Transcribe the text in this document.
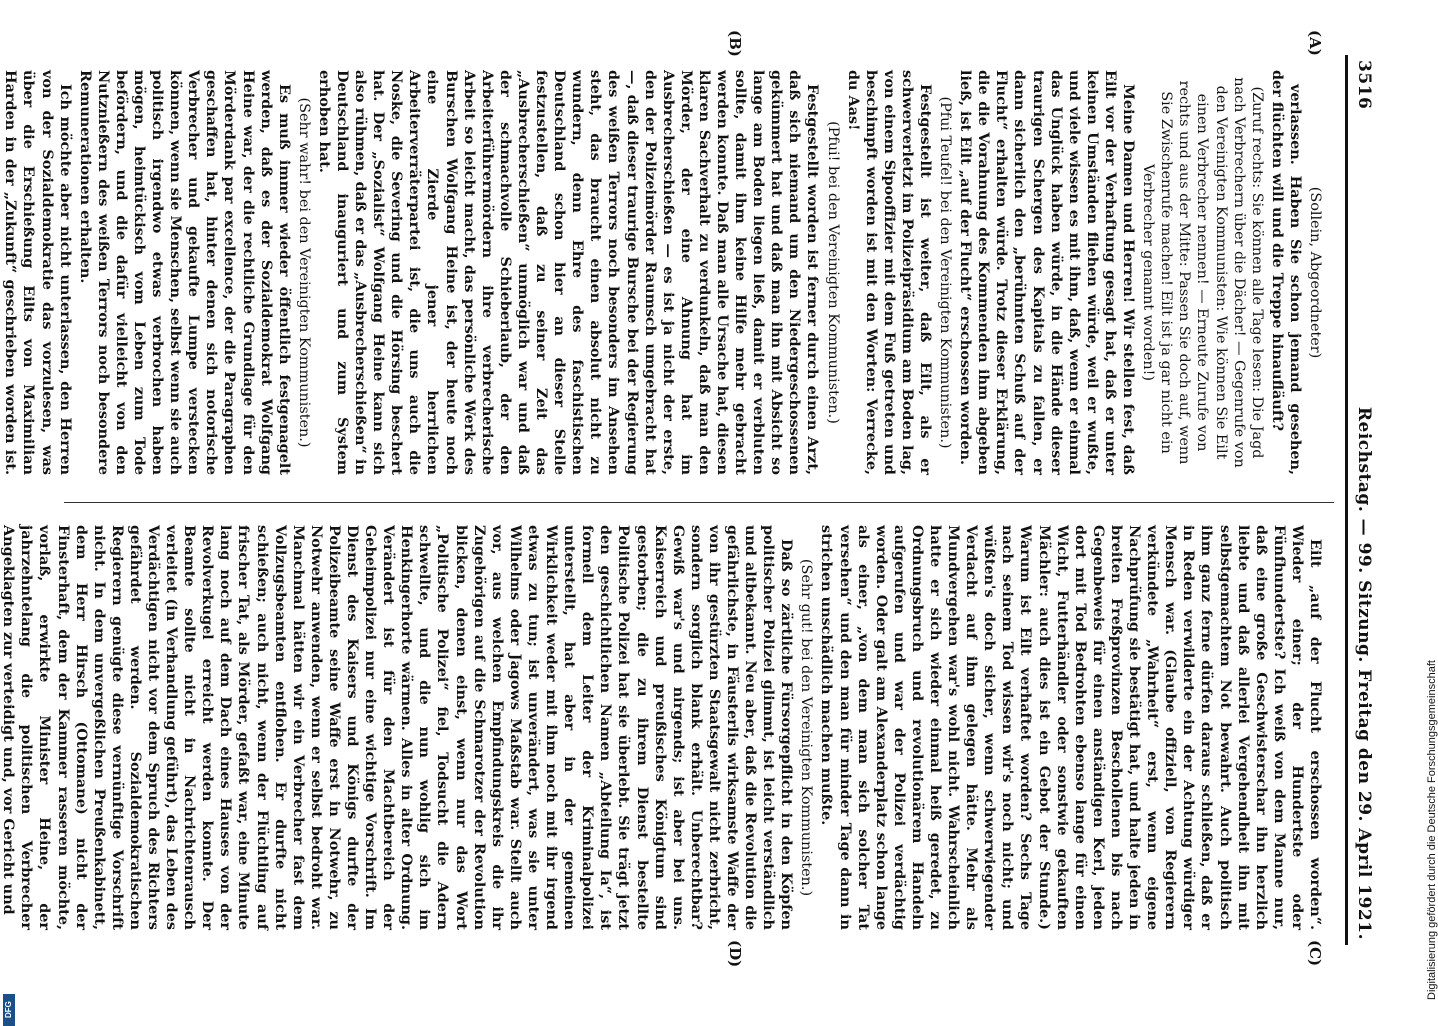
3516
Reichstag. — 99. Sitzung. Freitag den 29. April 1921.
(A)
(B)
(C)
(D)

(Sollein, Abgeordneter)

verlassen. Haben Sie schon jemand gesehen, der flüchten will und die Treppe hinaufläuft?

(Zuruf rechts: Sie können alle Tage lesen: Die Jagd nach Verbrechern über die Dächer! — Gegenrufe von den Vereinigten Kommunisten: Wie können Sie Eilt einen Verbrecher nennen! — Erneute Zurufe von rechts und aus der Mitte: Passen Sie doch auf, wenn Sie Zwischenrufe machen! Eilt ist ja gar nicht ein Verbrecher genannt worden!)

Meine Damen und Herren! Wir stellen fest, daß Eilt vor der Verhaftung gesagt hat, daß er unter keinen Umständen fliehen würde, weil er wußte, und viele wissen es mit ihm, daß, wenn er einmal das Unglück haben würde, in die Hände dieser traurigen Schergen des Kapitals zu fallen, er dann sicherlich den „berühmten Schuß auf der Flucht“ erhalten würde. Trotz dieser Erklärung, die die Vorahnung des Kommenden ihm abgeben ließ, ist Eilt „auf der Flucht“ erschossen worden.

(Pfui Teufel! bei den Vereinigten Kommunisten.)

Festgestellt ist weiter, daß Eilt, als er schwerverletzt im Polizeipräsidium am Boden lag, von einem Sipooffizier mit dem Fuß getreten und beschimpft worden ist mit den Worten: Verrecke, du Aas!

(Pfui! bei den Vereinigten Kommunisten.)

Festgestellt worden ist ferner durch einen Arzt, daß sich niemand um den Niedergeschossenen gekümmert hat und daß man ihn mit Absicht so lange am Boden liegen ließ, damit er verbluten sollte, damit ihm keine Hilfe mehr gebracht werden konnte. Daß man alle Ursache hat, diesen klaren Sachverhalt zu verdunkeln, daß man den Mörder, der eine Ahnung hat im Ausbrecherschießen — es ist ja nicht der erste, den der Polizeimörder Raumsch umgebracht hat —, daß dieser traurige Bursche bei der Regierung des weißen Terrors noch besonders im Ansehen steht, das braucht einen absolut nicht zu wundern, denn Ehre des faschistischen Deutschland schon hier an dieser Stelle festzustellen, daß zu seiner Zeit das „Ausbrecherschießen“ unmöglich war und daß der schmachvolle Schieberlaub, der den Arbeiterführermördern ihre verbrecherische Arbeit so leicht macht, das persönliche Werk des Burschen Wolfgang Heine ist, der heute noch eine Zierde jener herrlichen Arbeiterverräterpartei ist, die uns auch die Noske, die Severing und die Hörsing beschert hat. Der „Sozialist“ Wolfgang Heine kann sich also rühmen, daß er das „Ausbrecherschießen“ in Deutschland inauguriert und zum System erhoben hat.

(Sehr wahr! bei den Vereinigten Kommunisten.)

Es muß immer wieder öffentlich festgenagelt werden, daß es der Sozialdemokrat Wolfgang Heine war, der die rechtliche Grundlage für den Mörderdank par excellence, der die Paragraphen geschaffen hat, hinter denen sich notorische Verbrecher und gekaufte Lumpe verstecken können, wenn sie Menschen, selbst wenn sie auch politisch irgendwo etwas verbrochen haben mögen, heimtückisch vom Leben zum Tode befördern, und die dafür vielleicht von den Nutznießern des weißen Terrors noch besondere Remunerationen erhalten.

Ich möchte aber nicht unterlassen, den Herren von der Sozialdemokratie das vorzulesen, was über die Erschießung Eilts von Maximilian Harden in der „Zukunft“ geschrieben worden ist.

Eilt „auf der Flucht erschossen worden“. Wieder einer; der Hundertste oder Fünfhundertste? Ich weiß von dem Manne nur, daß eine große Geschwisterschar ihn herzlich liebte und daß allerlei Vergehendheit ihn mit selbstgemachtem Not bewahrt. Auch politisch ihm ganz ferne dürfen daraus schließen, daß er in Reden verwilderte ein der Achtung würdiger Mensch war. (Glaube offiziell, von Regierern verkündete „Wahrheit“ erst, wenn eigene Nachprüfung sie bestätigt hat, und halte jeden in breiten Freßprovinzen Beschollenen bis nach Gegenbeweis für einen anständigen Kerl, jeden dort mit Tod Bedrohten ebenso lange für einen Wicht, Futterhändler oder sonstwie gekauften Mächler: auch dies ist ein Gebot der Stunde.) Warum ist Eilt verhaftet worden? Sechs Tage nach seinem Tod wissen wir's noch nicht; und wüßten's doch sicher, wenn schwerwiegender Verdacht auf ihm gelegen hätte. Mehr als Mundvergehen war's wohl nicht. Wahrscheinlich hatte er sich wieder einmal heiß geredet, zu Ordnungsbruch und revolutionärem Handeln aufgerufen und war der Polizei verdächtig worden. Oder galt am Alexanderplatz schon lange als einer, „von dem man sich solcher Tat versehen“ und den man für minder Tage dann in strichen unschädlich machen mußte.

(Sehr gut! bei den Vereinigten Kommunisten.)

Daß so zärtliche Fürsorgepflicht in den Köpfen politischer Polizei glimmt, ist leicht verständlich und altbekannt. Neu aber, daß die Revolution die gefährlichste, in Fäusterlis wirksamste Waffe der von ihr gestürzten Staatsgewalt nicht zerbricht, sondern sorglich blank erhält. Unberechtbar? Gewiß war's und nirgends; ist aber bei uns. Kaiserreich und preußisches Königtum sind gestorben; die zu ihrem Dienst bestellte Politische Polizei hat sie überlebt. Sie trägt jetzt den geschichtlichen Namen „Abteilung Ia“, ist formell dem Leiter der Kriminalpolizei unterstellt, hat aber in der gemeinen Wirklichkeit weder mit ihm noch mit ihr irgend etwas zu tun; ist unverändert, was sie unter Wilhelms oder Jagows Maßstab war. Stellt auch vor, aus welchen Empfindungskreis die ihr Zugehörigen auf die Schmarotzer der Revolution blicken, denen einst, wenn nur das Wort „Politische Polizei“ fiel, Todsucht die Adern schwellte, und die nun wohlig sich im Henkingerhorte wärmen. Alles in alter Ordnung. Verändert ist für den Machtbereich der Geheimpolizei nur eine wichtige Vorschrift. Im Dienst des Kaisers und Königs durfte der Polizeibeamte seine Waffe erst in Notwehr, zu Notwehr anwenden, wenn er selbst bedroht war. Manchmal hätten wir ein Verbrecher fast dem Vollzugsbeamten entflohen. Er durfte nicht schießen; auch nicht, wenn der Flüchtling auf frischer Tat, als Mörder, gefaßt war, eine Minute lang noch auf dem Dach eines Hauses von der Revolverkugel erreicht werden konnte. Der Beamte sollte nicht in Nachrichtenrausch verleitet (in Verhandlung geführt), das Leben des Verdächtigen nicht vor dem Spruch des Richters gefährdet werden. Sozialdemokratischen Regierern genügte diese vernünftige Vorschrift nicht. In dem unvergeßlichen Preußenkabinett, dem Herr Hirsch (Ottomane) nicht der Finsterhaft, dem der Kammer rasseren möchte, vorlaß, erwirkte Minister Heine, der jahrzehntelang die politischen Verbrecher Angeklagten zur verteidigt und, vor Gericht und	Digitalisierung gefördert durch die Deutsche Forschungsgemeinschaft
DFG
